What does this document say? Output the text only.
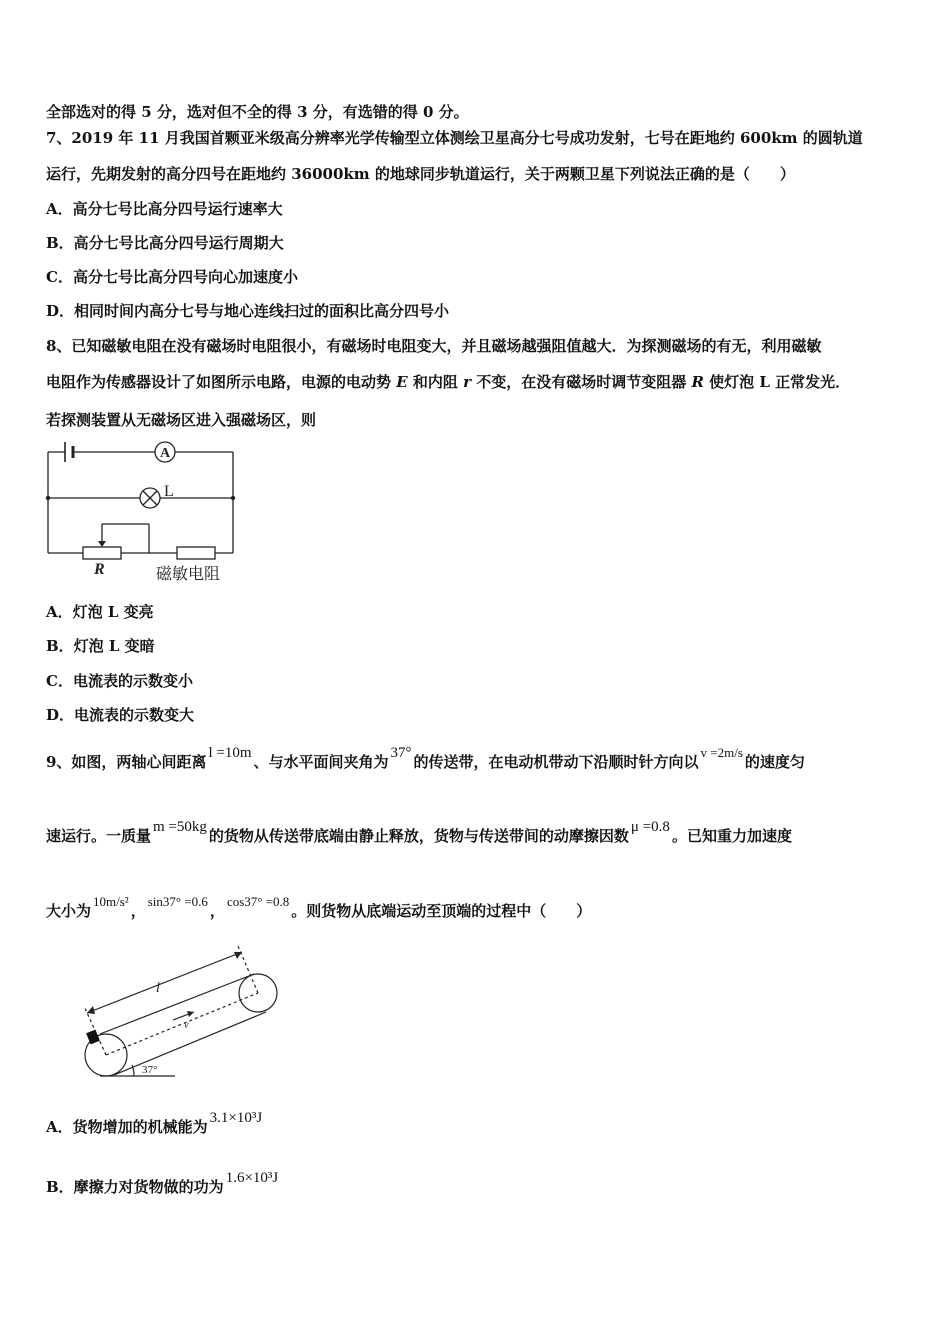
全部选对的得 5 分，选对但不全的得 3 分，有选错的得 0 分。
7、2019 年 11 月我国首颗亚米级高分辨率光学传输型立体测绘卫星高分七号成功发射，七号在距地约 600km 的圆轨道
运行，先期发射的高分四号在距地约 36000km 的地球同步轨道运行，关于两颗卫星下列说法正确的是（　　）
A．高分七号比高分四号运行速率大
B．高分七号比高分四号运行周期大
C．高分七号比高分四号向心加速度小
D．相同时间内高分七号与地心连线扫过的面积比高分四号小
8、已知磁敏电阻在没有磁场时电阻很小，有磁场时电阻变大，并且磁场越强阻值越大．为探测磁场的有无，利用磁敏
电阻作为传感器设计了如图所示电路，电源的电动势 E 和内阻 r 不变，在没有磁场时调节变阻器 R 使灯泡 L 正常发光．
若探测装置从无磁场区进入强磁场区，则
A
L
R	磁敏电阻
A．灯泡 L 变亮
B．灯泡 L 变暗
C．电流表的示数变小
D．电流表的示数变大
9、如图，两轴心间距离 l =10m 、与水平面间夹角为 37° 的传送带，在电动机带动下沿顺时针方向以v =2m/s的速度匀
速运行。一质量 m =50kg 的货物从传送带底端由静止释放，货物与传送带间的动摩擦因数 μ =0.8 。已知重力加速度
大小为10m/s²，sin37° =0.6，cos37° =0.8。则货物从底端运动至顶端的过程中（　　）
l
v
37°
A．货物增加的机械能为 3.1×10³J
B．摩擦力对货物做的功为 1.6×10³J
